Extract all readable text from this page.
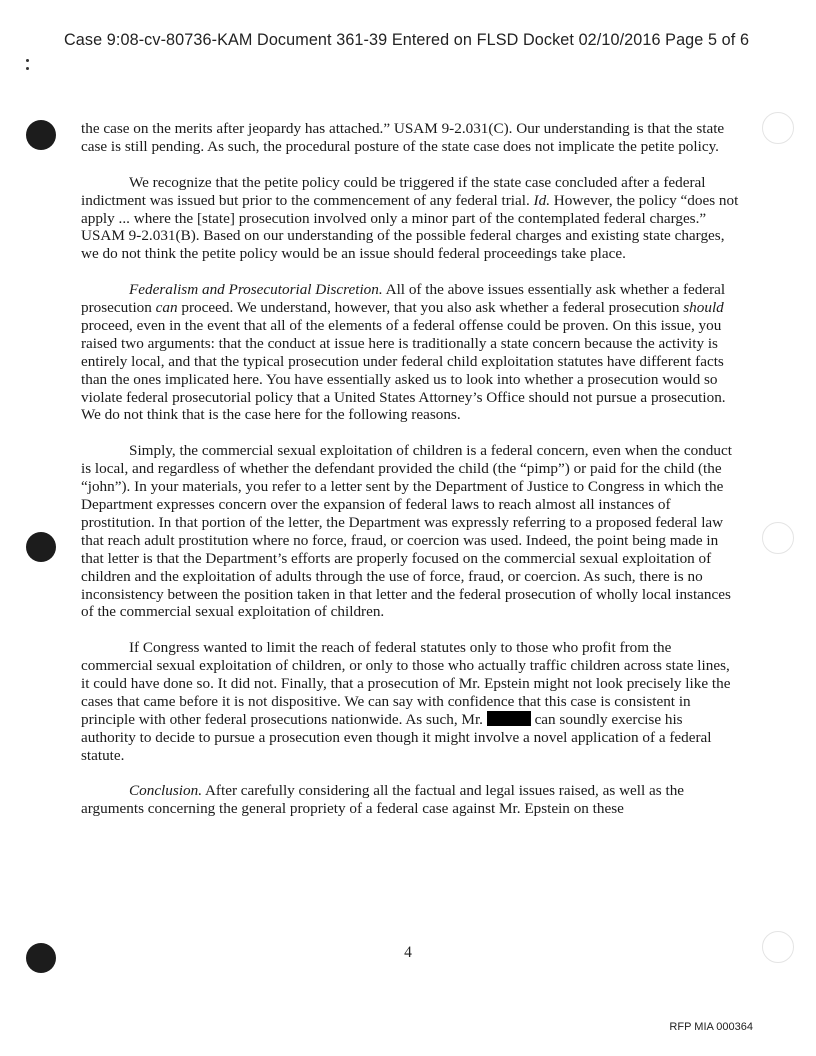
Case 9:08-cv-80736-KAM Document 361-39 Entered on FLSD Docket 02/10/2016 Page 5 of 6

the case on the merits after jeopardy has attached.” USAM 9-2.031(C). Our understanding is that the state case is still pending. As such, the procedural posture of the state case does not implicate the petite policy.

We recognize that the petite policy could be triggered if the state case concluded after a federal indictment was issued but prior to the commencement of any federal trial. Id. However, the policy “does not apply ... where the [state] prosecution involved only a minor part of the contemplated federal charges.” USAM 9-2.031(B). Based on our understanding of the possible federal charges and existing state charges, we do not think the petite policy would be an issue should federal proceedings take place.

Federalism and Prosecutorial Discretion. All of the above issues essentially ask whether a federal prosecution can proceed. We understand, however, that you also ask whether a federal prosecution should proceed, even in the event that all of the elements of a federal offense could be proven. On this issue, you raised two arguments: that the conduct at issue here is traditionally a state concern because the activity is entirely local, and that the typical prosecution under federal child exploitation statutes have different facts than the ones implicated here. You have essentially asked us to look into whether a prosecution would so violate federal prosecutorial policy that a United States Attorney’s Office should not pursue a prosecution. We do not think that is the case here for the following reasons.

Simply, the commercial sexual exploitation of children is a federal concern, even when the conduct is local, and regardless of whether the defendant provided the child (the “pimp”) or paid for the child (the “john”). In your materials, you refer to a letter sent by the Department of Justice to Congress in which the Department expresses concern over the expansion of federal laws to reach almost all instances of prostitution. In that portion of the letter, the Department was expressly referring to a proposed federal law that reach adult prostitution where no force, fraud, or coercion was used. Indeed, the point being made in that letter is that the Department’s efforts are properly focused on the commercial sexual exploitation of children and the exploitation of adults through the use of force, fraud, or coercion. As such, there is no inconsistency between the position taken in that letter and the federal prosecution of wholly local instances of the commercial sexual exploitation of children.

If Congress wanted to limit the reach of federal statutes only to those who profit from the commercial sexual exploitation of children, or only to those who actually traffic children across state lines, it could have done so. It did not. Finally, that a prosecution of Mr. Epstein might not look precisely like the cases that came before it is not dispositive. We can say with confidence that this case is consistent in principle with other federal prosecutions nationwide. As such, Mr.	can soundly exercise his authority to decide to pursue a prosecution even though it might involve a novel application of a federal statute.

Conclusion. After carefully considering all the factual and legal issues raised, as well as the arguments concerning the general propriety of a federal case against Mr. Epstein on these

4
RFP MIA 000364
